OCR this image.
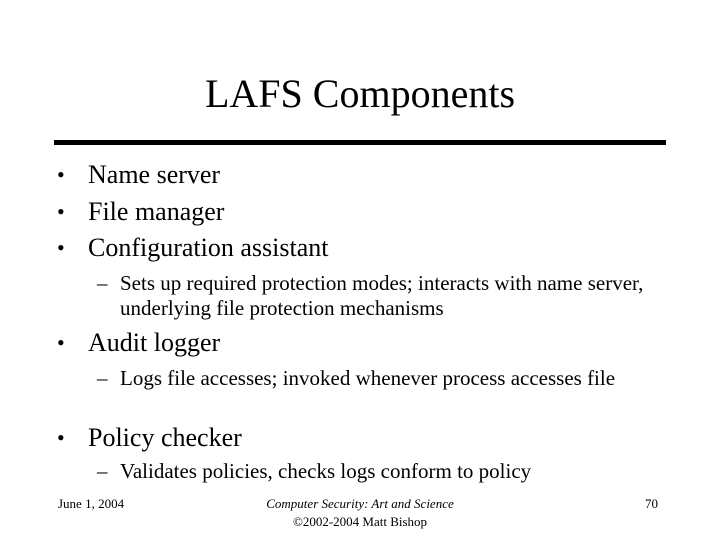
LAFS Components
• Name server
• File manager
• Configuration assistant
– Sets up required protection modes; interacts with name server, underlying file protection mechanisms
• Audit logger
– Logs file accesses; invoked whenever process accesses file
• Policy checker
– Validates policies, checks logs conform to policy
June 1, 2004	Computer Security: Art and Science
©2002-2004 Matt Bishop
70
